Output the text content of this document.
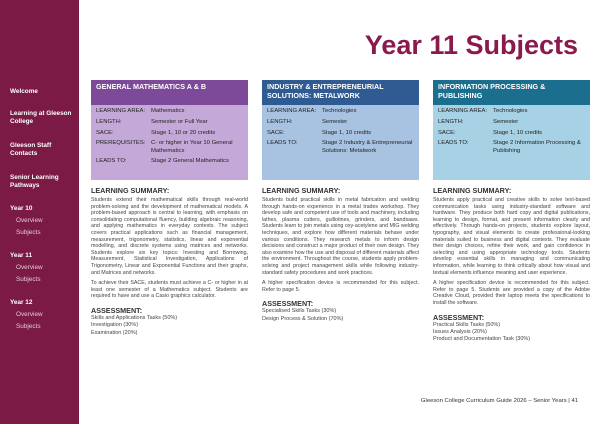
Welcome
Learning at Gleeson College
Gleeson Staff Contacts
Senior Learning Pathways
Year 10
Overview
Subjects
Year 11
Overview
Subjects
Year 12
Overview
Subjects
Year 11 Subjects
GENERAL MATHEMATICS A & B
LEARNING AREA: Mathematics
LENGTH:	Semester or Full Year
SACE:	Stage 1, 10 or 20 credits
PREREQUISITES: C- or higher in Year 10 General Mathematics
LEADS TO:	Stage 2 General Mathematics
LEARNING SUMMARY:
Students extend their mathematical skills through real-world problem-solving and the development of mathematical models. A problem-based approach is central to learning, with emphasis on consolidating computational fluency, building algebraic reasoning, and applying mathematics in everyday contexts. The subject covers practical applications such as financial management, measurement, trigonometry, statistics, linear and exponential modelling, and discrete systems using matrices and networks. Students explore six key topics: Investing and Borrowing, Measurement, Statistical Investigation, Applications of Trigonometry, Linear and Exponential Functions and their graphs, and Matrices and networks.
To achieve their SACE, students must achieve a C- or higher in at least one semester of a Mathematics subject. Students are required to have and use a Casio graphics calculator.
ASSESSMENT:
Skills and Applications Tasks (50%)
Investigation (30%)
Examination (20%)
INDUSTRY & ENTREPRENEURIAL SOLUTIONS: METALWORK
LEARNING AREA: Technologies
LENGTH:	Semester
SACE:	Stage 1, 10 credits
LEADS TO:	Stage 2 Industry & Entrepreneurial Solutions: Metalwork
LEARNING SUMMARY:
Students build practical skills in metal fabrication and welding through hands-on experience in a metal trades workshop. They develop safe and competent use of tools and machinery, including lathes, plasma cutters, guillotines, grinders, and bandsaws. Students learn to join metals using oxy-acetylene and MIG welding techniques, and explore how different materials behave under various conditions. They research metals to inform design decisions and construct a major product of their own design. They also examine how the use and disposal of different materials affect the environment. Throughout the course, students apply problem-solving and project management skills while following industry-standard safety procedures and work practices.
A higher specification device is recommended for this subject. Refer to page 5.
ASSESSMENT:
Specialised Skills Tasks (30%)
Design Process & Solution (70%)
INFORMATION PROCESSING & PUBLISHING
LEARNING AREA: Technologies
LENGTH:	Semester
SACE:	Stage 1, 10 credits
LEADS TO:	Stage 2 Information Processing & Publishing
LEARNING SUMMARY:
Students apply practical and creative skills to solve text-based communication tasks using industry-standard software and hardware. They produce both hard copy and digital publications, learning to design, format, and present information clearly and effectively. Through hands-on projects, students explore layout, typography, and visual elements to create professional-looking materials suited to business and digital contexts. They evaluate their design choices, refine their work, and gain confidence in selecting and using appropriate technology tools. Students develop essential skills in managing and communicating information, while learning to think critically about how visual and textual elements influence meaning and user experience.
A higher specification device is recommended for this subject. Refer to page 5. Students are provided a copy of the Adobe Creative Cloud, provided their laptop meets the specifications to install the software.
ASSESSMENT:
Practical Skills Tasks (50%)
Issues Analysis (20%)
Product and Documentation Task (30%)
Gleeson College Curriculum Guide 2026 – Senior Years | 41
